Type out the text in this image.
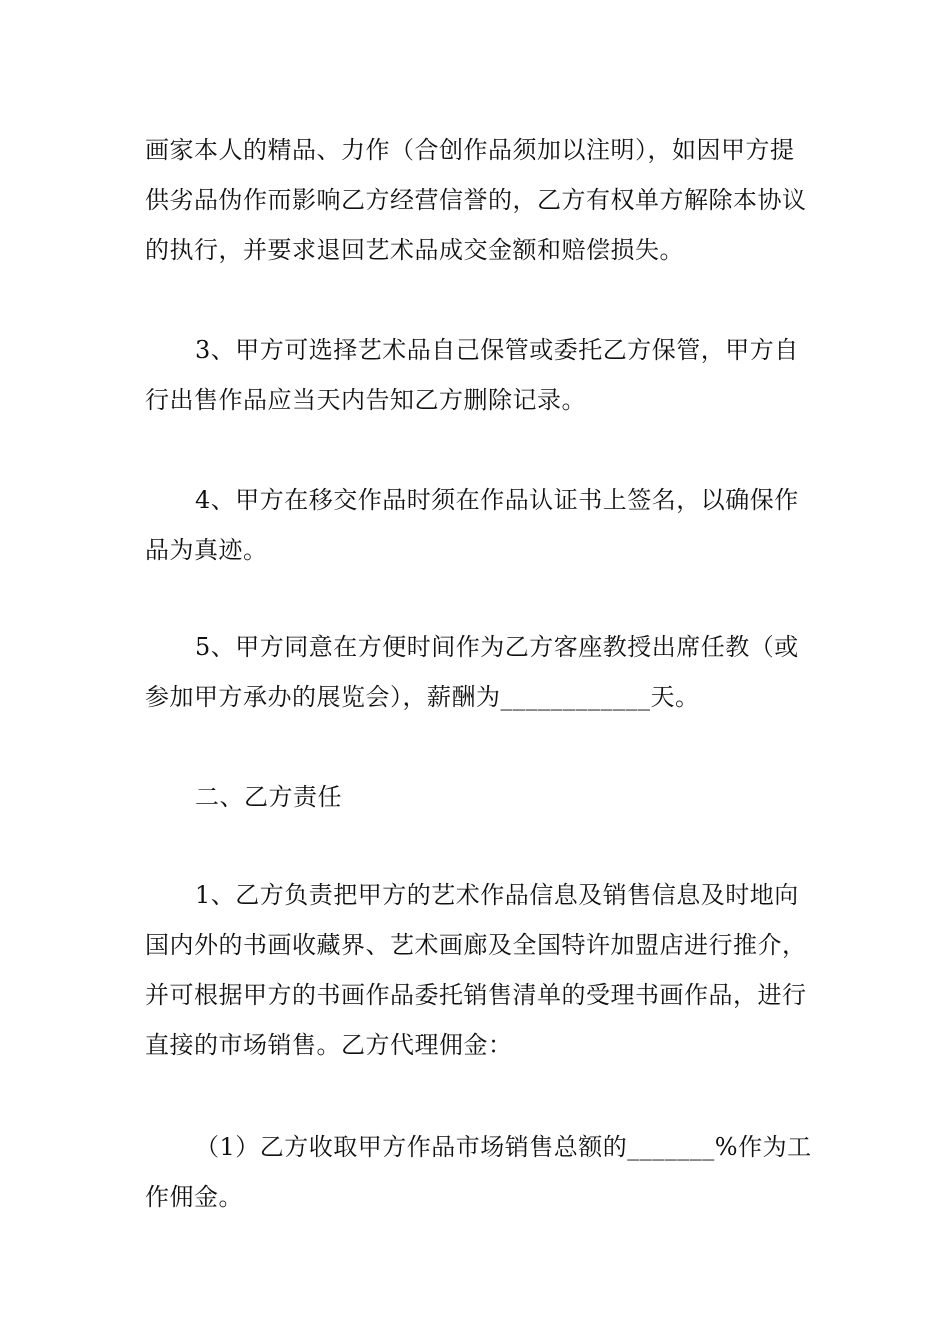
画家本人的精品、力作（合创作品须加以注明），如因甲方提供劣品伪作而影响乙方经营信誉的，乙方有权单方解除本协议的执行，并要求退回艺术品成交金额和赔偿损失。

3、甲方可选择艺术品自己保管或委托乙方保管，甲方自行出售作品应当天内告知乙方删除记录。

4、甲方在移交作品时须在作品认证书上签名，以确保作品为真迹。

5、甲方同意在方便时间作为乙方客座教授出席任教（或参加甲方承办的展览会），薪酬为____________天。

二、乙方责任

1、乙方负责把甲方的艺术作品信息及销售信息及时地向国内外的书画收藏界、艺术画廊及全国特许加盟店进行推介，并可根据甲方的书画作品委托销售清单的受理书画作品，进行直接的市场销售。乙方代理佣金：

（1）乙方收取甲方作品市场销售总额的_______%作为工作佣金。
